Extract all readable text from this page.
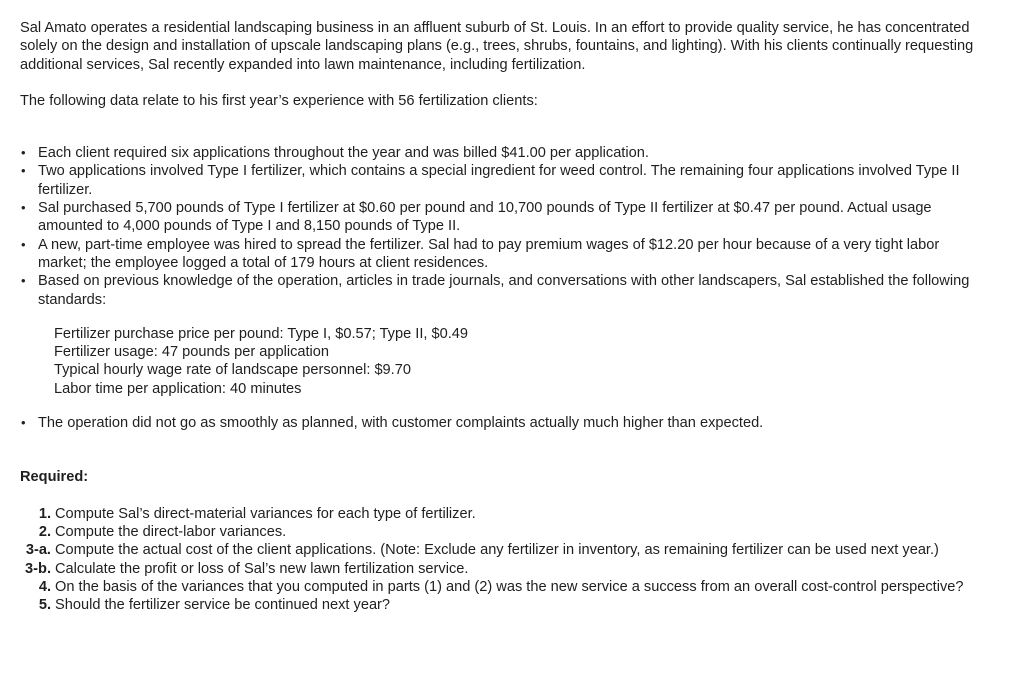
Sal Amato operates a residential landscaping business in an affluent suburb of St. Louis. In an effort to provide quality service, he has concentrated solely on the design and installation of upscale landscaping plans (e.g., trees, shrubs, fountains, and lighting). With his clients continually requesting additional services, Sal recently expanded into lawn maintenance, including fertilization.

The following data relate to his first year’s experience with 56 fertilization clients:

• Each client required six applications throughout the year and was billed $41.00 per application.
• Two applications involved Type I fertilizer, which contains a special ingredient for weed control. The remaining four applications involved Type II fertilizer.
• Sal purchased 5,700 pounds of Type I fertilizer at $0.60 per pound and 10,700 pounds of Type II fertilizer at $0.47 per pound. Actual usage amounted to 4,000 pounds of Type I and 8,150 pounds of Type II.
• A new, part-time employee was hired to spread the fertilizer. Sal had to pay premium wages of $12.20 per hour because of a very tight labor market; the employee logged a total of 179 hours at client residences.
• Based on previous knowledge of the operation, articles in trade journals, and conversations with other landscapers, Sal established the following standards:
Fertilizer purchase price per pound: Type I, $0.57; Type II, $0.49
Fertilizer usage: 47 pounds per application
Typical hourly wage rate of landscape personnel: $9.70
Labor time per application: 40 minutes
• The operation did not go as smoothly as planned, with customer complaints actually much higher than expected.

Required:

1. Compute Sal’s direct-material variances for each type of fertilizer.
2. Compute the direct-labor variances.
3-a. Compute the actual cost of the client applications. (Note: Exclude any fertilizer in inventory, as remaining fertilizer can be used next year.)
3-b. Calculate the profit or loss of Sal’s new lawn fertilization service.
4. On the basis of the variances that you computed in parts (1) and (2) was the new service a success from an overall cost-control perspective?
5. Should the fertilizer service be continued next year?
